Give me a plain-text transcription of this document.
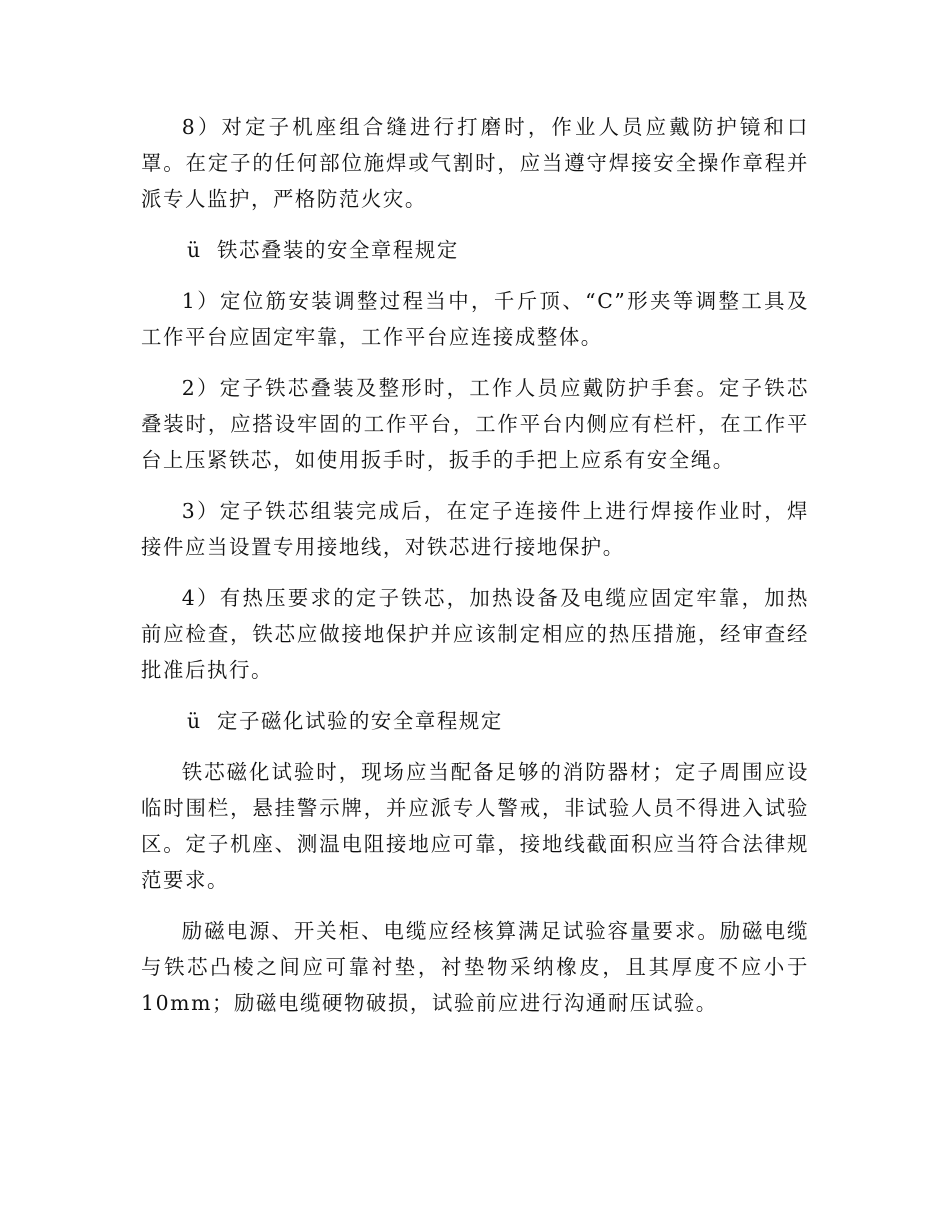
8）对定子机座组合缝进行打磨时，作业人员应戴防护镜和口罩。在定子的任何部位施焊或气割时，应当遵守焊接安全操作章程并派专人监护，严格防范火灾。

ü 铁芯叠装的安全章程规定

1）定位筋安装调整过程当中，千斤顶、“C”形夹等调整工具及工作平台应固定牢靠，工作平台应连接成整体。

2）定子铁芯叠装及整形时，工作人员应戴防护手套。定子铁芯叠装时，应搭设牢固的工作平台，工作平台内侧应有栏杆，在工作平台上压紧铁芯，如使用扳手时，扳手的手把上应系有安全绳。

3）定子铁芯组装完成后，在定子连接件上进行焊接作业时，焊接件应当设置专用接地线，对铁芯进行接地保护。

4）有热压要求的定子铁芯，加热设备及电缆应固定牢靠，加热前应检查，铁芯应做接地保护并应该制定相应的热压措施，经审查经批准后执行。

ü 定子磁化试验的安全章程规定

铁芯磁化试验时，现场应当配备足够的消防器材；定子周围应设临时围栏，悬挂警示牌，并应派专人警戒，非试验人员不得进入试验区。定子机座、测温电阻接地应可靠，接地线截面积应当符合法律规范要求。

励磁电源、开关柜、电缆应经核算满足试验容量要求。励磁电缆与铁芯凸棱之间应可靠衬垫，衬垫物采纳橡皮，且其厚度不应小于10mm；励磁电缆硬物破损，试验前应进行沟通耐压试验。
